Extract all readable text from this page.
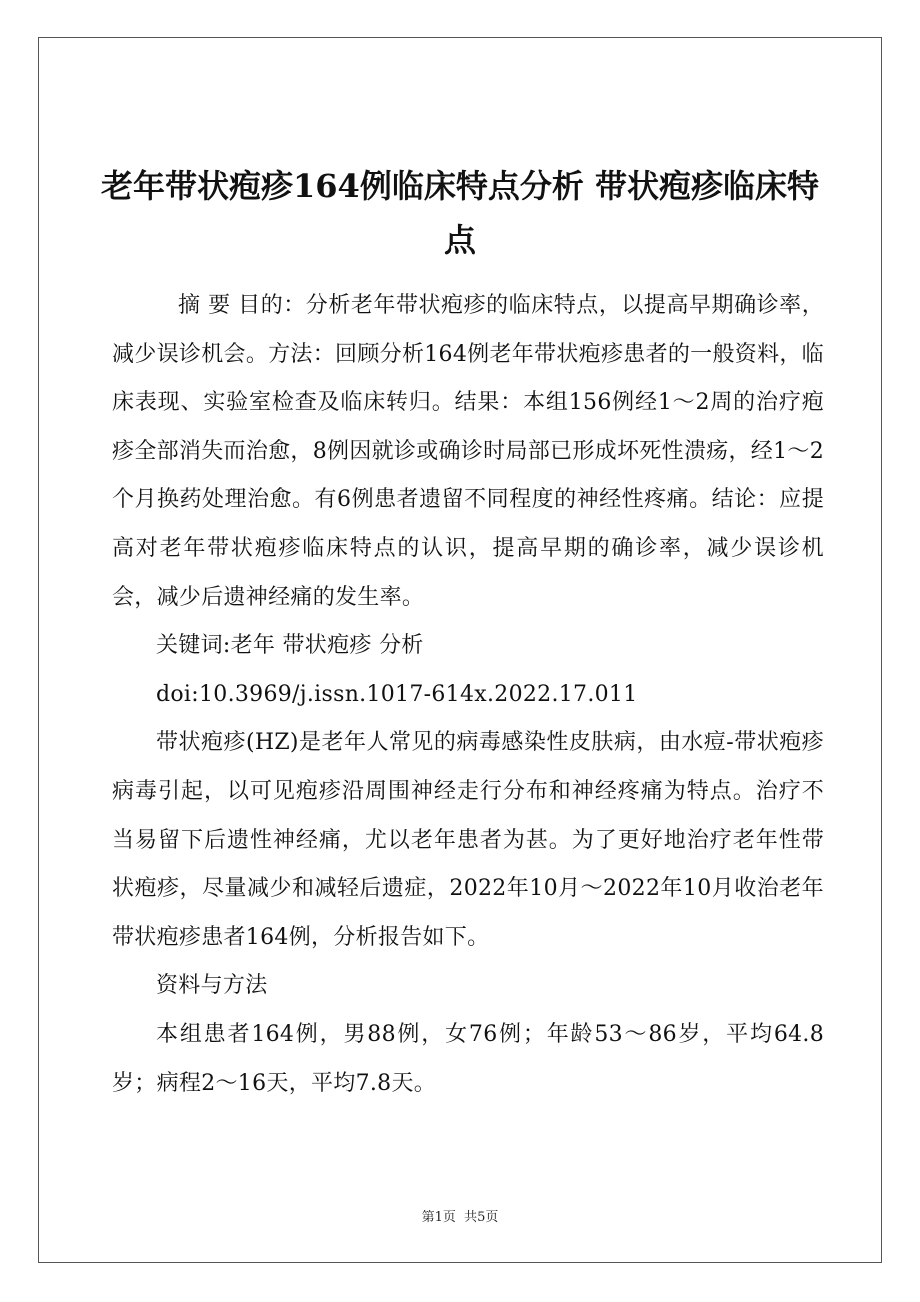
老年带状疱疹164例临床特点分析 带状疱疹临床特点

摘 要 目的：分析老年带状疱疹的临床特点，以提高早期确诊率，减少误诊机会。方法：回顾分析164例老年带状疱疹患者的一般资料，临床表现、实验室检查及临床转归。结果：本组156例经1～2周的治疗疱疹全部消失而治愈，8例因就诊或确诊时局部已形成坏死性溃疡，经1～2个月换药处理治愈。有6例患者遗留不同程度的神经性疼痛。结论：应提高对老年带状疱疹临床特点的认识，提高早期的确诊率，减少误诊机会，减少后遗神经痛的发生率。

关键词:老年 带状疱疹 分析

doi:10.3969/j.issn.1017-614x.2022.17.011

带状疱疹(HZ)是老年人常见的病毒感染性皮肤病，由水痘-带状疱疹病毒引起，以可见疱疹沿周围神经走行分布和神经疼痛为特点。治疗不当易留下后遗性神经痛，尤以老年患者为甚。为了更好地治疗老年性带状疱疹，尽量减少和减轻后遗症，2022年10月～2022年10月收治老年带状疱疹患者164例，分析报告如下。

资料与方法

本组患者164例，男88例，女76例；年龄53～86岁，平均64.8岁；病程2～16天，平均7.8天。

第1页  共5页
